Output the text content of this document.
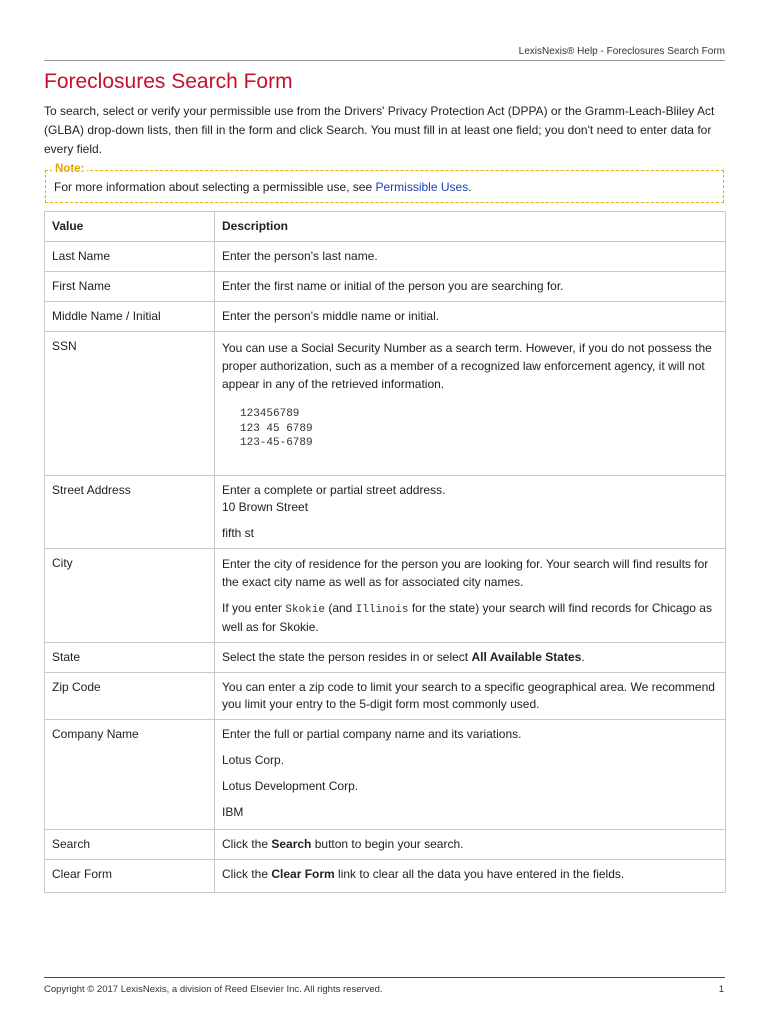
LexisNexis® Help - Foreclosures Search Form
Foreclosures Search Form

To search, select or verify your permissible use from the Drivers' Privacy Protection Act (DPPA) or the Gramm-Leach-Bliley Act (GLBA) drop-down lists, then fill in the form and click Search. You must fill in at least one field; you don't need to enter data for every field.

Note:
For more information about selecting a permissible use, see Permissible Uses.
Value	Description
Last Name	Enter the person's last name.
First Name	Enter the first name or initial of the person you are searching for.
Middle Name / Initial	Enter the person's middle name or initial.
SSN	You can use a Social Security Number as a search term. However, if you do not possess the proper authorization, such as a member of a recognized law enforcement agency, it will not appear in any of the retrieved information.

123456789
123 45 6789
123-45-6789

Street Address	Enter a complete or partial street address.

10 Brown Street

fifth st

City	Enter the city of residence for the person you are looking for. Your search will find results for the exact city name as well as for associated city names.

If you enter Skokie (and Illinois for the state) your search will find records for Chicago as well as for Skokie.

State	Select the state the person resides in or select All Available States.
Zip Code	You can enter a zip code to limit your search to a specific geographical area. We recommend you limit your entry to the 5-digit form most commonly used.
Company Name	Enter the full or partial company name and its variations.

Lotus Corp.

Lotus Development Corp.

IBM

Search	Click the Search button to begin your search.
Clear Form	Click the Clear Form link to clear all the data you have entered in the fields.
Copyright © 2017 LexisNexis, a division of Reed Elsevier Inc. All rights reserved.	1
